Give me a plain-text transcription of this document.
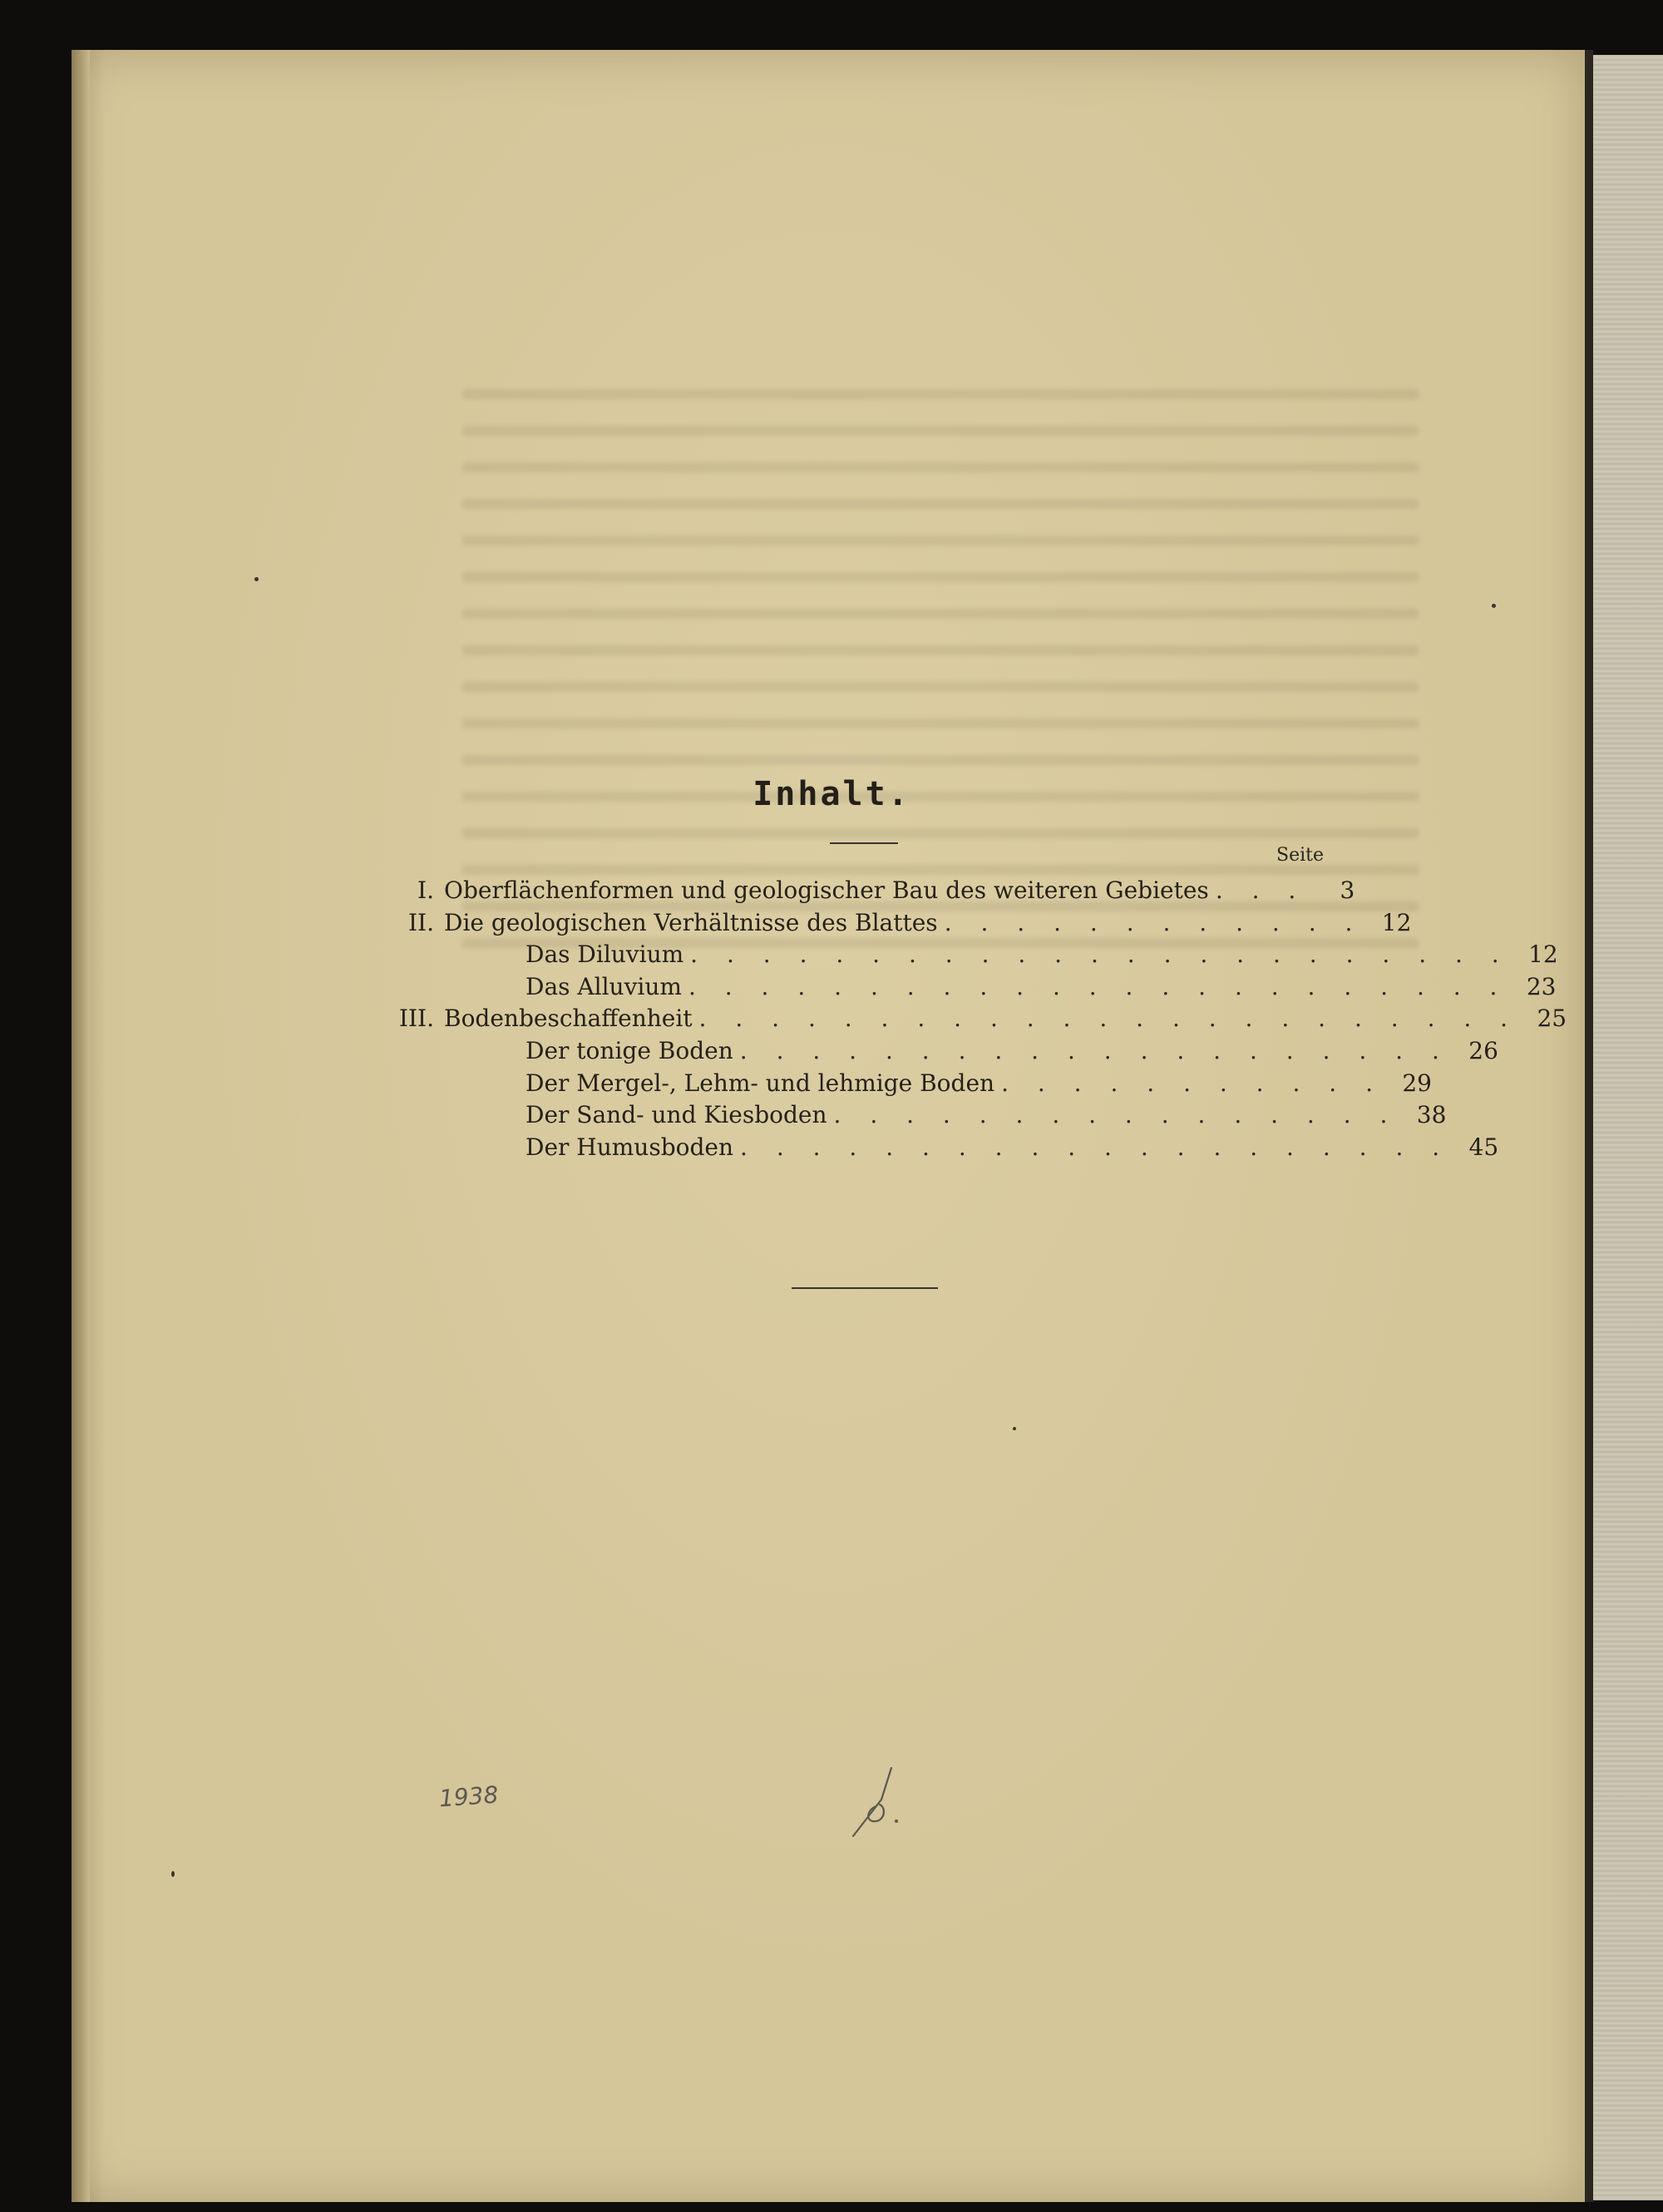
Inhalt.
Seite
I. Oberflächenformen und geologischer Bau des weiteren Gebietes . . .	3
II. Die geologischen Verhältnisse des Blattes . . . . . . . . . . . . 12
Das Diluvium . . . . . . . . . . . . . . . . . . . . . . . 12
Das Alluvium . . . . . . . . . . . . . . . . . . . . . . . 23
III. Bodenbeschaffenheit . . . . . . . . . . . . . . . . . . . . . . . 25
Der tonige Boden . . . . . . . . . . . . . . . . . . . . 26
Der Mergel-, Lehm- und lehmige Boden . . . . . . . . . . . 29
Der Sand- und Kiesboden . . . . . . . . . . . . . . . . 38
Der Humusboden . . . . . . . . . . . . . . . . . . . . 45
1938
